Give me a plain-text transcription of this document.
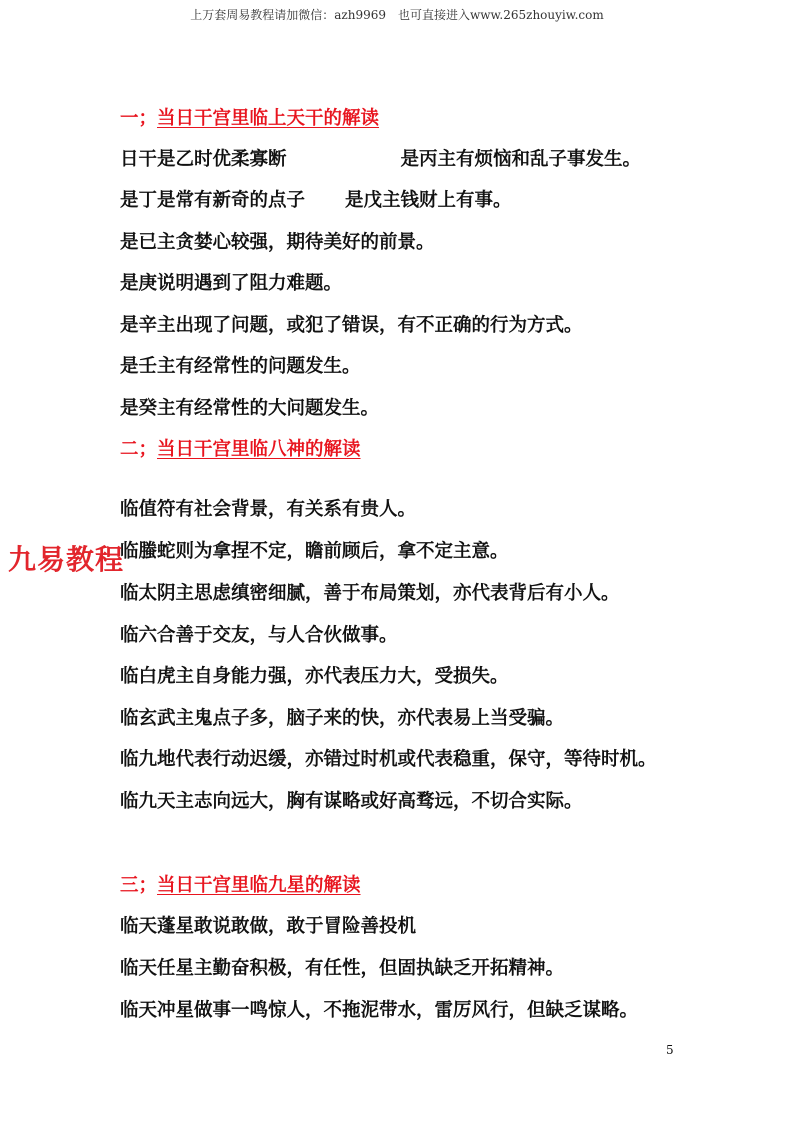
上万套周易教程请加微信：azh9969　也可直接进入www.265zhouyiw.com
一；当日干宫里临上天干的解读
日干是乙时优柔寡断	是丙主有烦恼和乱子事发生。
是丁是常有新奇的点子 是戊主钱财上有事。
是已主贪婪心较强，期待美好的前景。
是庚说明遇到了阻力难题。
是辛主出现了问题，或犯了错误，有不正确的行为方式。
是壬主有经常性的问题发生。
是癸主有经常性的大问题发生。
二；当日干宫里临八神的解读
临值符有社会背景，有关系有贵人。
临螣蛇则为拿捏不定，瞻前顾后，拿不定主意。
临太阴主思虑缜密细腻，善于布局策划，亦代表背后有小人。
临六合善于交友，与人合伙做事。
临白虎主自身能力强，亦代表压力大，受损失。
临玄武主鬼点子多，脑子来的快，亦代表易上当受骗。
临九地代表行动迟缓，亦错过时机或代表稳重，保守，等待时机。
临九天主志向远大，胸有谋略或好高骛远，不切合实际。
三；当日干宫里临九星的解读
临天蓬星敢说敢做，敢于冒险善投机
临天任星主勤奋积极，有任性，但固执缺乏开拓精神。
临天冲星做事一鸣惊人，不拖泥带水，雷厉风行，但缺乏谋略。
九易教程
5
